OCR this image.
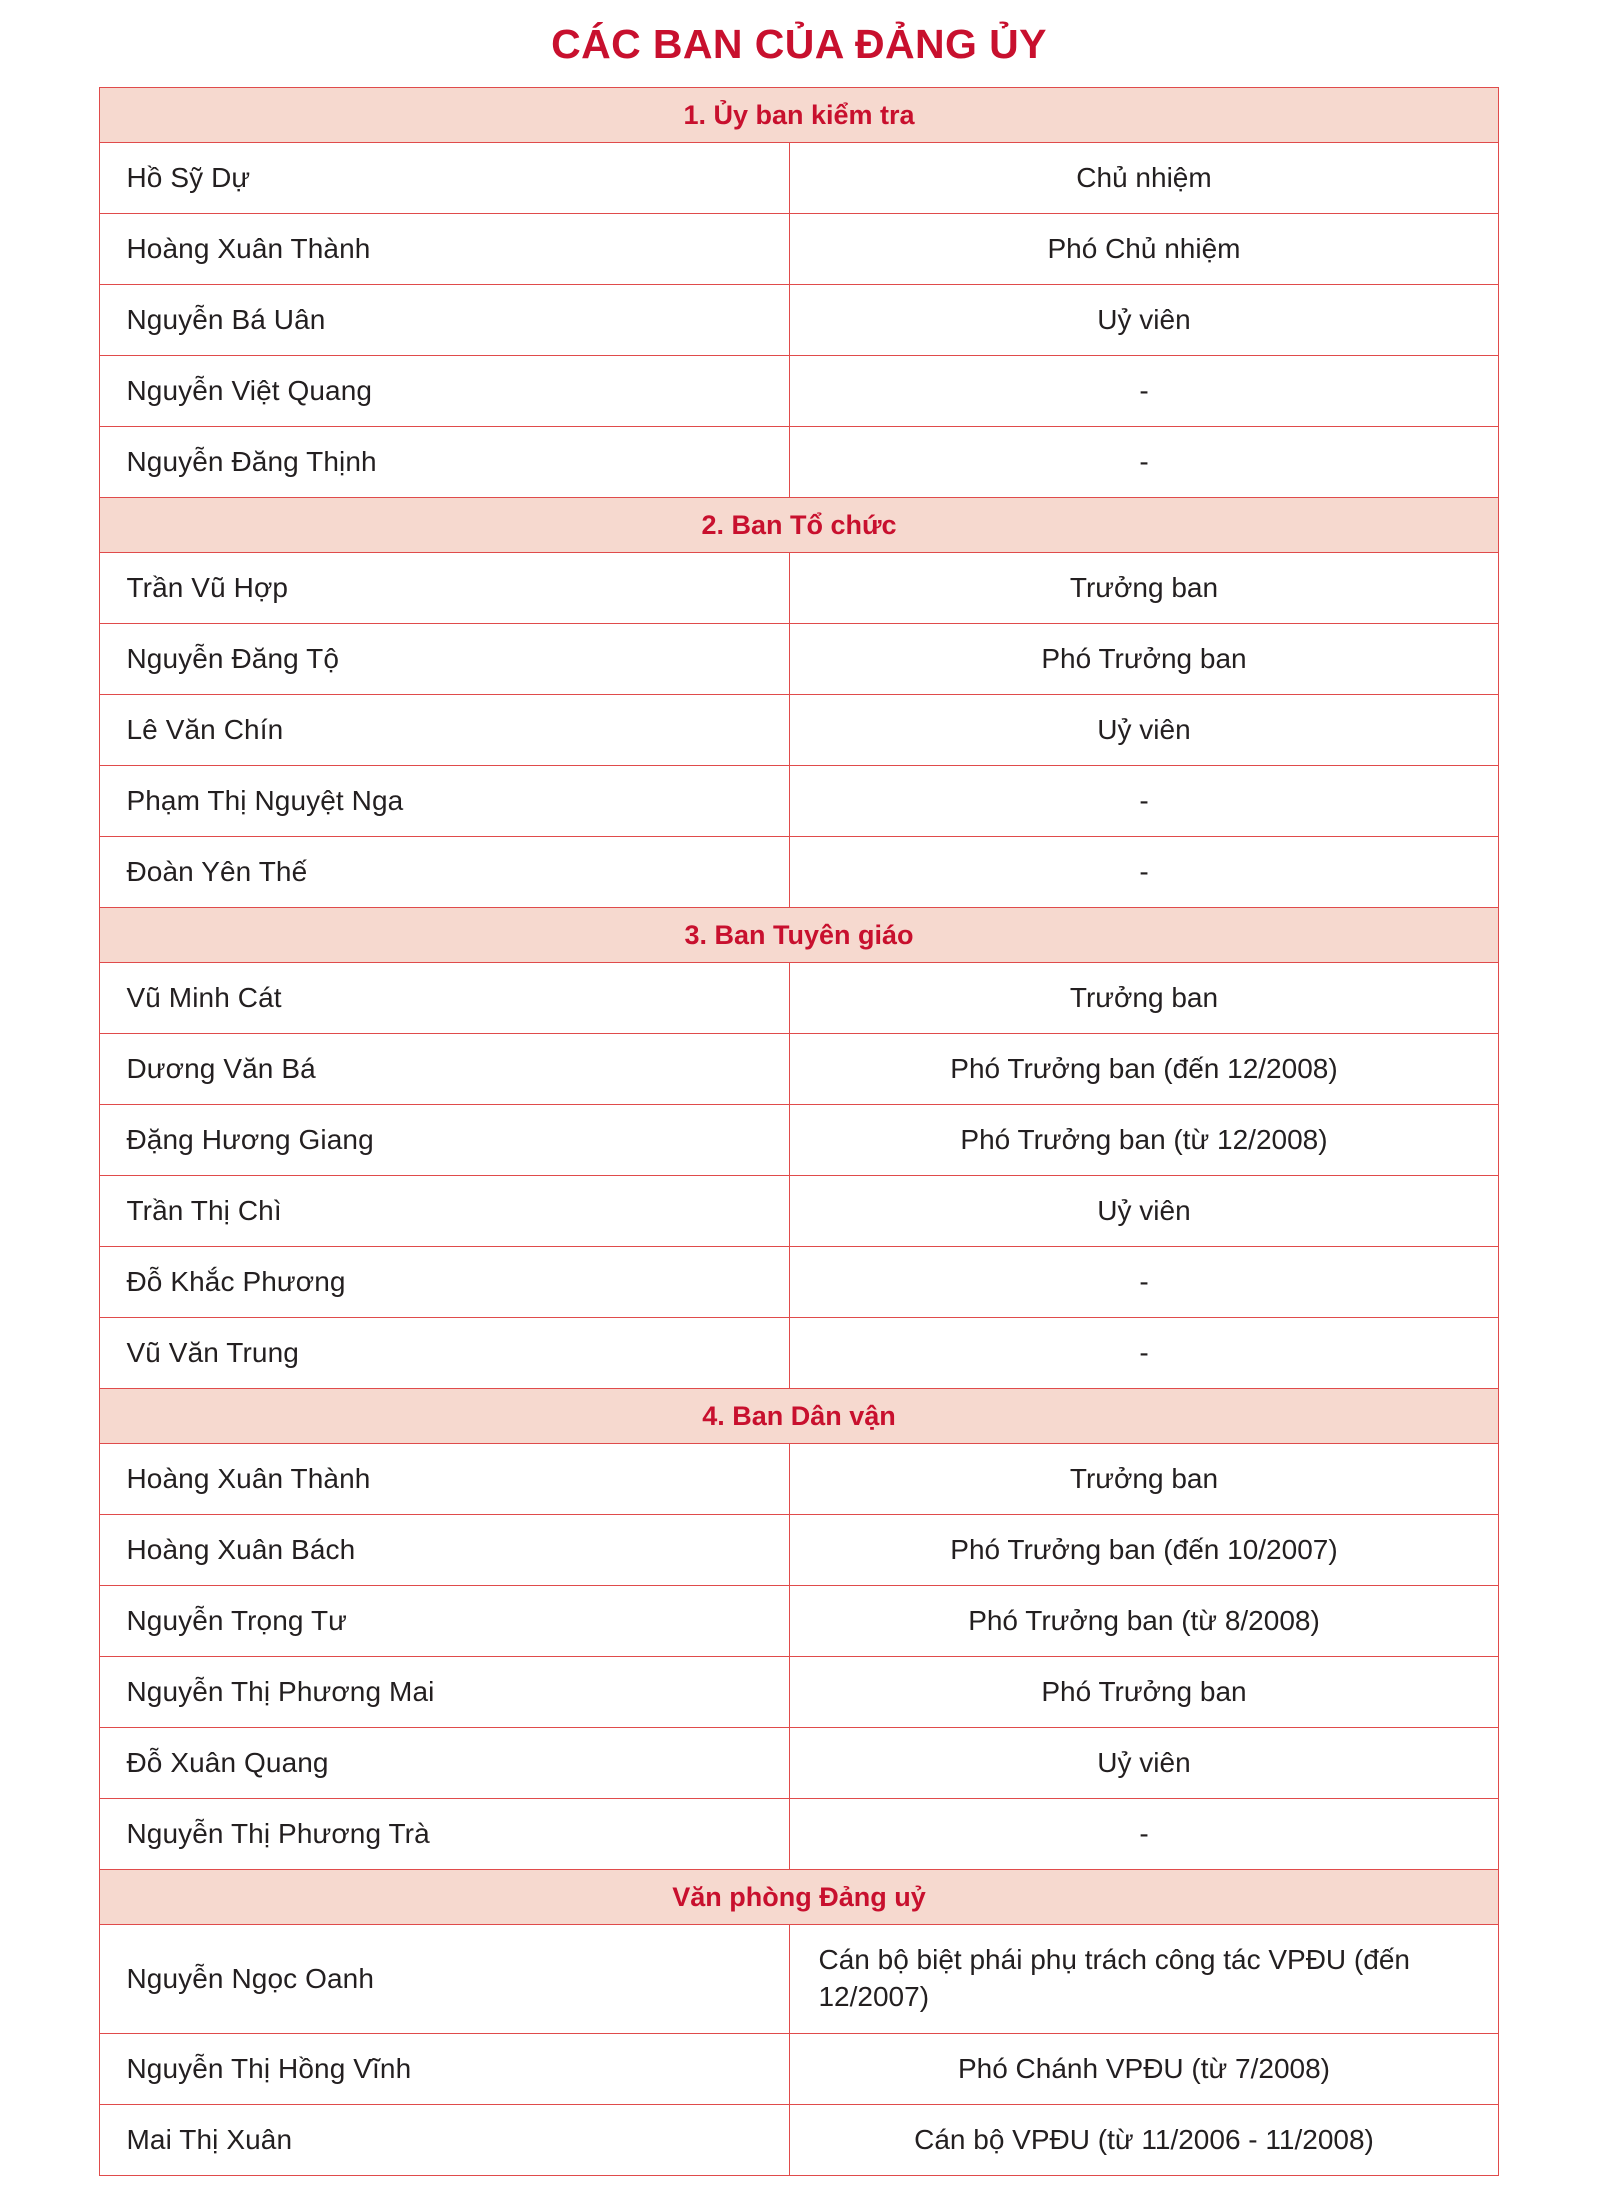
CÁC BAN CỦA ĐẢNG ỦY
1. Ủy ban kiểm tra	
Hồ Sỹ Dự	Chủ nhiệm
Hoàng Xuân Thành	Phó Chủ nhiệm
Nguyễn Bá Uân	Uỷ viên
Nguyễn Việt Quang	-
Nguyễn Đăng Thịnh	-
2. Ban Tổ chức	
Trần Vũ Hợp	Trưởng ban
Nguyễn Đăng Tộ	Phó Trưởng ban
Lê Văn Chín	Uỷ viên
Phạm Thị Nguyệt Nga	-
Đoàn Yên Thế	-
3. Ban Tuyên giáo	
Vũ Minh Cát	Trưởng ban
Dương Văn Bá	Phó Trưởng ban (đến 12/2008)
Đặng Hương Giang	Phó Trưởng ban (từ 12/2008)
Trần Thị Chì	Uỷ viên
Đỗ Khắc Phương	-
Vũ Văn Trung	-
4. Ban Dân vận	
Hoàng Xuân Thành	Trưởng ban
Hoàng Xuân Bách	Phó Trưởng ban (đến 10/2007)
Nguyễn Trọng Tư	Phó Trưởng ban (từ 8/2008)
Nguyễn Thị Phương Mai	Phó Trưởng ban
Đỗ Xuân Quang	Uỷ viên
Nguyễn Thị Phương Trà	-
Văn phòng Đảng uỷ	
Nguyễn Ngọc Oanh	Cán bộ biệt phái phụ trách công tác VPĐU (đến 12/2007)
Nguyễn Thị Hồng Vĩnh	Phó Chánh VPĐU (từ 7/2008)
Mai Thị Xuân	Cán bộ VPĐU (từ 11/2006 - 11/2008)
